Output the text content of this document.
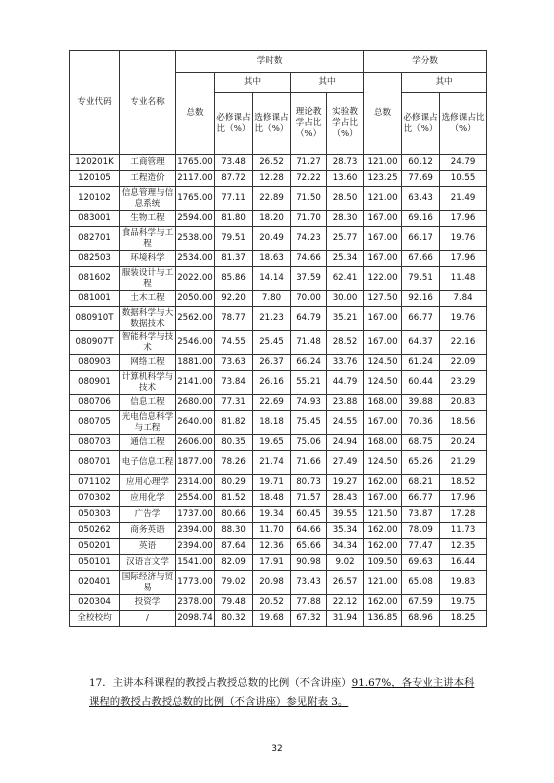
专业代码	专业名称	学时数					学分数		
		总数	其中		其中		总数	其中	
			必修课占比（%）	选修课占比（%）	理论教学占比（%）	实验教学占比（%）		必修课占比（%）	选修课占比（%）
120201K	工商管理	1765.00	73.48	26.52	71.27	28.73	121.00	60.12	24.79
120105	工程造价	2117.00	87.72	12.28	72.22	13.60	123.25	77.69	10.55
120102	信息管理与信息系统	1765.00	77.11	22.89	71.50	28.50	121.00	63.43	21.49
083001	生物工程	2594.00	81.80	18.20	71.70	28.30	167.00	69.16	17.96
082701	食品科学与工程	2538.00	79.51	20.49	74.23	25.77	167.00	66.17	19.76
082503	环境科学	2534.00	81.37	18.63	74.66	25.34	167.00	67.66	17.96
081602	服装设计与工程	2022.00	85.86	14.14	37.59	62.41	122.00	79.51	11.48
081001	土木工程	2050.00	92.20	7.80	70.00	30.00	127.50	92.16	7.84
080910T	数据科学与大数据技术	2562.00	78.77	21.23	64.79	35.21	167.00	66.77	19.76
080907T	智能科学与技术	2546.00	74.55	25.45	71.48	28.52	167.00	64.37	22.16
080903	网络工程	1881.00	73.63	26.37	66.24	33.76	124.50	61.24	22.09
080901	计算机科学与技术	2141.00	73.84	26.16	55.21	44.79	124.50	60.44	23.29
080706	信息工程	2680.00	77.31	22.69	74.93	23.88	168.00	39.88	20.83
080705	光电信息科学与工程	2640.00	81.82	18.18	75.45	24.55	167.00	70.36	18.56
080703	通信工程	2606.00	80.35	19.65	75.06	24.94	168.00	68.75	20.24
080701	电子信息工程	1877.00	78.26	21.74	71.66	27.49	124.50	65.26	21.29
071102	应用心理学	2314.00	80.29	19.71	80.73	19.27	162.00	68.21	18.52
070302	应用化学	2554.00	81.52	18.48	71.57	28.43	167.00	66.77	17.96
050303	广告学	1737.00	80.66	19.34	60.45	39.55	121.50	73.87	17.28
050262	商务英语	2394.00	88.30	11.70	64.66	35.34	162.00	78.09	11.73
050201	英语	2394.00	87.64	12.36	65.66	34.34	162.00	77.47	12.35
050101	汉语言文学	1541.00	82.09	17.91	90.98	9.02	109.50	69.63	16.44
020401	国际经济与贸易	1773.00	79.02	20.98	73.43	26.57	121.00	65.08	19.83
020304	投资学	2378.00	79.48	20.52	77.88	22.12	162.00	67.59	19.75
全校校均	/	2098.74	80.32	19.68	67.32	31.94	136.85	68.96	18.25
17．主讲本科课程的教授占教授总数的比例（不含讲座）91.67%，各专业主讲本科课程的教授占教授总数的比例（不含讲座）参见附表 3。
32
